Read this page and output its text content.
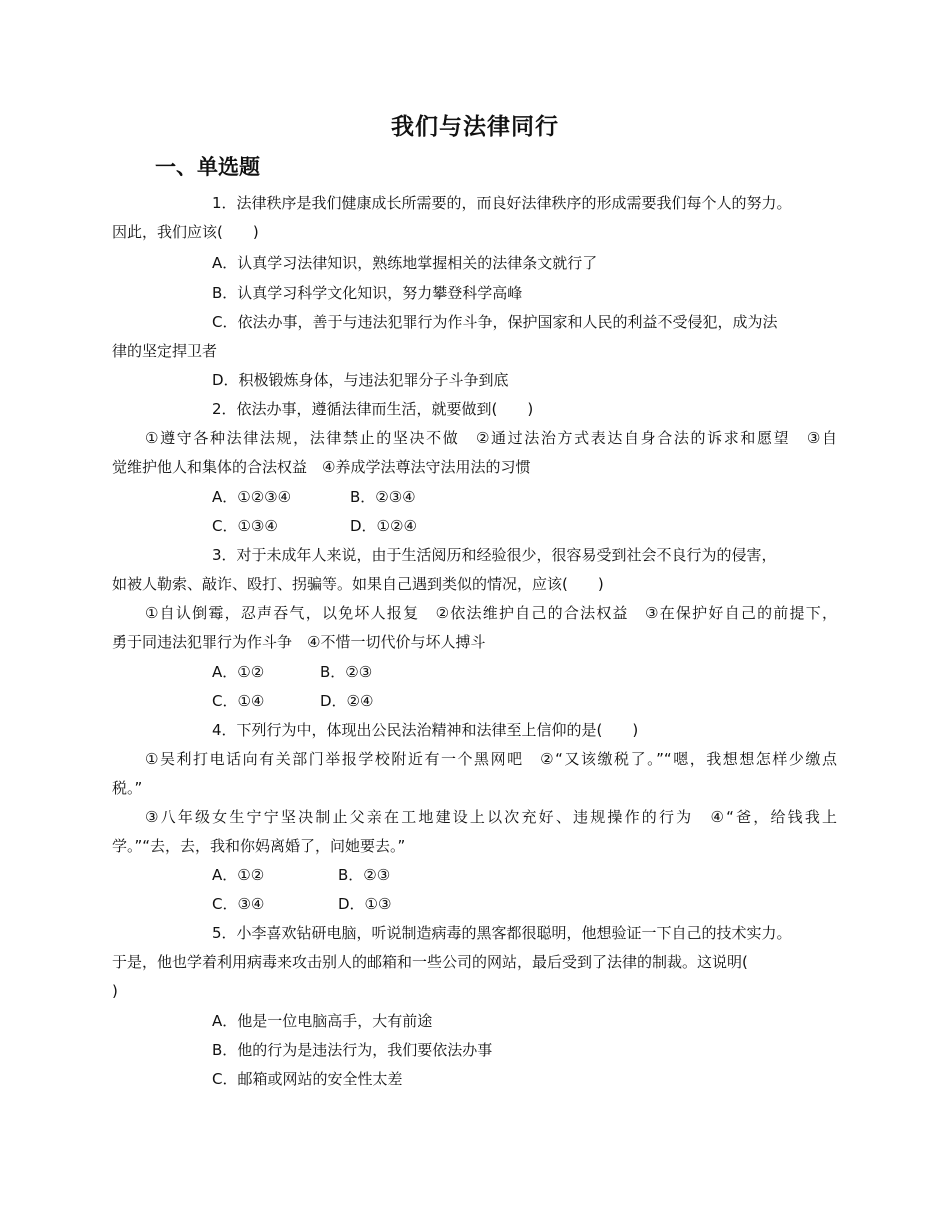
我们与法律同行
一、单选题
1．法律秩序是我们健康成长所需要的，而良好法律秩序的形成需要我们每个人的努力。
因此，我们应该(　　)
A．认真学习法律知识，熟练地掌握相关的法律条文就行了
B．认真学习科学文化知识，努力攀登科学高峰
C．依法办事，善于与违法犯罪行为作斗争，保护国家和人民的利益不受侵犯，成为法
律的坚定捍卫者
D．积极锻炼身体，与违法犯罪分子斗争到底
2．依法办事，遵循法律而生活，就要做到(　　)
①遵守各种法律法规，法律禁止的坚决不做　②通过法治方式表达自身合法的诉求和愿望　③自
觉维护他人和集体的合法权益　④养成学法尊法守法用法的习惯
A．①②③④	B．②③④
C．①③④	D．①②④
3．对于未成年人来说，由于生活阅历和经验很少，很容易受到社会不良行为的侵害，
如被人勒索、敲诈、殴打、拐骗等。如果自己遇到类似的情况，应该(　　)
①自认倒霉，忍声吞气，以免坏人报复　②依法维护自己的合法权益　③在保护好自己的前提下，
勇于同违法犯罪行为作斗争　④不惜一切代价与坏人搏斗
A．①②	B．②③
C．①④	D．②④
4．下列行为中，体现出公民法治精神和法律至上信仰的是(　　)
①吴利打电话向有关部门举报学校附近有一个黑网吧　②“又该缴税了。”“嗯，我想想怎样少缴点
税。”
③八年级女生宁宁坚决制止父亲在工地建设上以次充好、违规操作的行为　④“爸，给钱我上
学。”“去，去，我和你妈离婚了，问她要去。”
A．①②	B．②③
C．③④	D．①③
5．小李喜欢钻研电脑，听说制造病毒的黑客都很聪明，他想验证一下自己的技术实力。
于是，他也学着利用病毒来攻击别人的邮箱和一些公司的网站，最后受到了法律的制裁。这说明(
)
A．他是一位电脑高手，大有前途
B．他的行为是违法行为，我们要依法办事
C．邮箱或网站的安全性太差
